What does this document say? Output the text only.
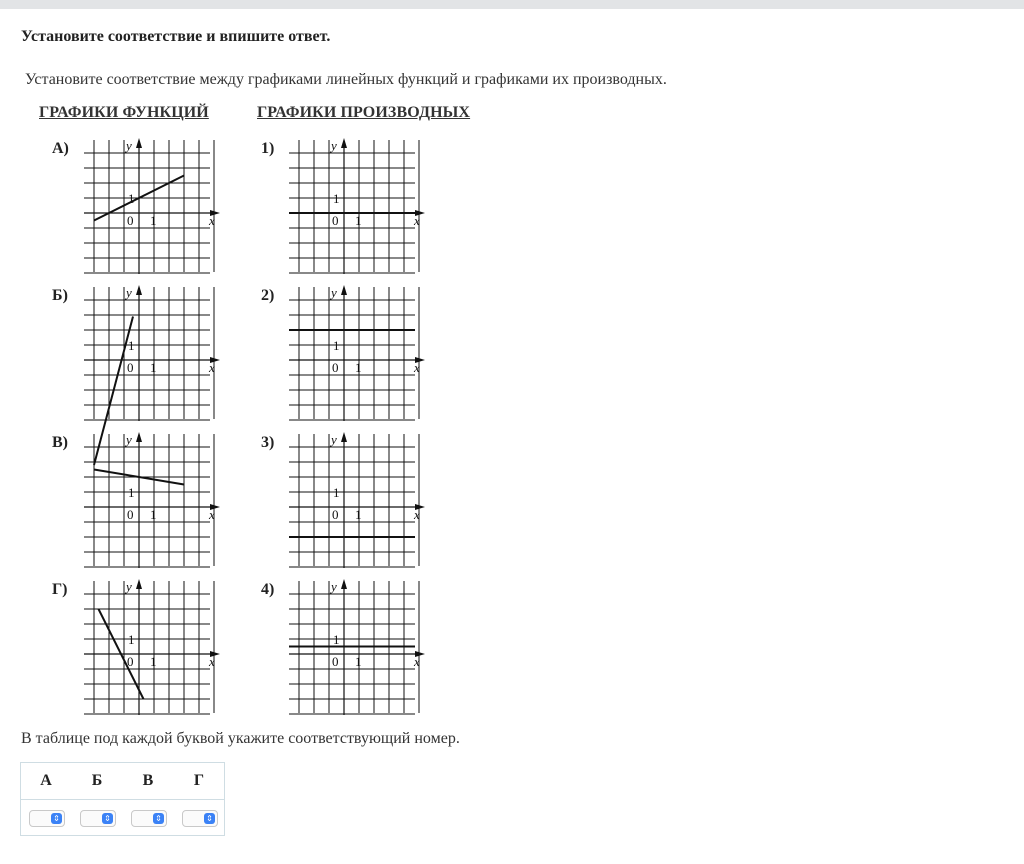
Установите соответствие и впишите ответ.
Установите соответствие между графиками линейных функций и графиками их производных.
ГРАФИКИ ФУНКЦИЙ	ГРАФИКИ ПРОИЗВОДНЫХ
А)
Б)
В)
Г)
1)
2)
3)
4)
y
x
0 1
1
y
x
0 1
1
y
x
0 1
1
y
x
0 1
1
y
x
0 1
1
y
x
0 1
1
y
x
0 1
1
y
x
0 1
1
В таблице под каждой буквой укажите соответствующий номер.
А	Б	В	Г
⇕	⇕	⇕	⇕
